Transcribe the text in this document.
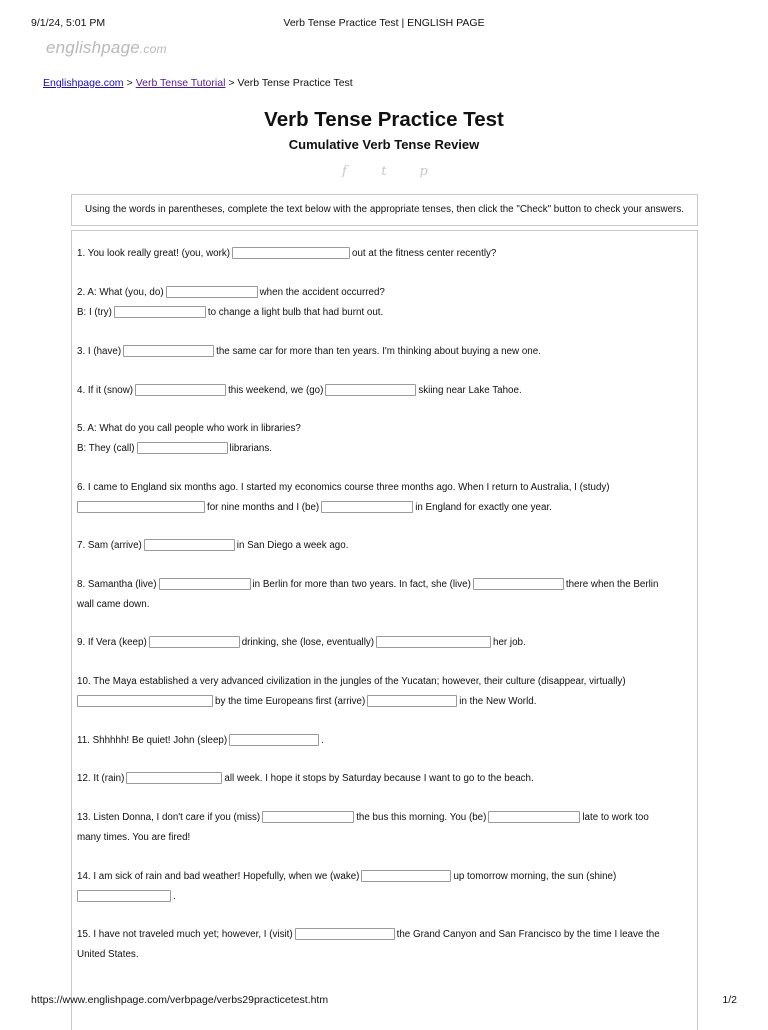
9/1/24, 5:01 PM	Verb Tense Practice Test | ENGLISH PAGE
englishpage.com
Englishpage.com > Verb Tense Tutorial > Verb Tense Practice Test
Verb Tense Practice Test
Cumulative Verb Tense Review
f	t	p
Using the words in parentheses, complete the text below with the appropriate tenses, then click the "Check" button to check your answers.
1. You look really great! (you, work)	out at the fitness center recently?
2. A: What (you, do)	when the accident occurred?
B: I (try)	to change a light bulb that had burnt out.
3. I (have)	the same car for more than ten years. I'm thinking about buying a new one.
4. If it (snow)	this weekend, we (go)	skiing near Lake Tahoe.
5. A: What do you call people who work in libraries?
B: They (call)	librarians.
6. I came to England six months ago. I started my economics course three months ago. When I return to Australia, I (study)
for nine months and I (be)	in England for exactly one year.
7. Sam (arrive)	in San Diego a week ago.
8. Samantha (live)	in Berlin for more than two years. In fact, she (live)	there when the Berlin
wall came down.
9. If Vera (keep)	drinking, she (lose, eventually)	her job.
10. The Maya established a very advanced civilization in the jungles of the Yucatan; however, their culture (disappear, virtually)
by the time Europeans first (arrive)	in the New World.
11. Shhhhh! Be quiet! John (sleep)	.
12. It (rain)	all week. I hope it stops by Saturday because I want to go to the beach.
13. Listen Donna, I don't care if you (miss)	the bus this morning. You (be)	late to work too
many times. You are fired!
14. I am sick of rain and bad weather! Hopefully, when we (wake)	up tomorrow morning, the sun (shine)
.
15. I have not traveled much yet; however, I (visit)	the Grand Canyon and San Francisco by the time I leave the
United States.
https://www.englishpage.com/verbpage/verbs29practicetest.htm	1/2
